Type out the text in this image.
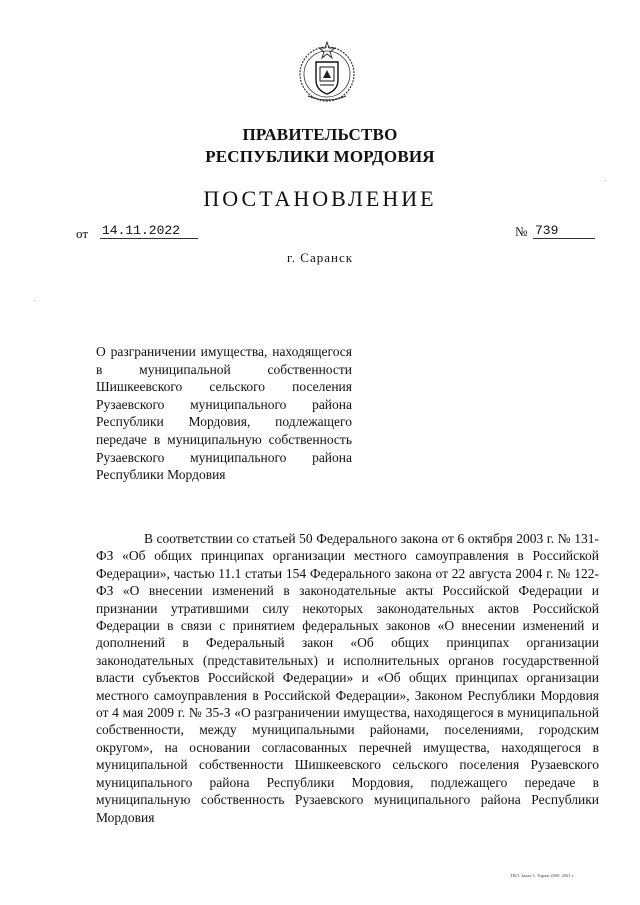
ПРАВИТЕЛЬСТВО
РЕСПУБЛИКИ МОРДОВИЯ
ПОСТАНОВЛЕНИЕ
от 14.11.2022	№ 739
г. Саранск
О разграничении имущества, находящегося в муниципальной собственности Шишкеевского сельского поселения Рузаевского муниципального района Республики Мордовия, подлежащего передаче в муниципальную собственность Рузаевского муниципального района Республики Мордовия
В соответствии со статьей 50 Федерального закона от 6 октября 2003 г. № 131-ФЗ «Об общих принципах организации местного самоуправления в Российской Федерации», частью 11.1 статьи 154 Федерального закона от 22 августа 2004 г. № 122-ФЗ «О внесении изменений в законодательные акты Российской Федерации и признании утратившими силу некоторых законодательных актов Российской Федерации в связи с принятием федеральных законов «О внесении изменений и дополнений в Федеральный закон «Об общих принципах организации законодательных (представительных) и исполнительных органов государственной власти субъектов Российской Федерации» и «Об общих принципах организации местного самоуправления в Российской Федерации», Законом Республики Мордовия от 4 мая 2009 г. № 35-З «О разграничении имущества, находящегося в муниципальной собственности, между муниципальными районами, поселениями, городским округом», на основании согласованных перечней имущества, находящегося в муниципальной собственности Шишкеевского сельского поселения Рузаевского муниципального района Республики Мордовия, подлежащего передаче в муниципальную собственность Рузаевского муниципального района Республики Мордовия
ТКО. Заказ 3. Тираж 2000. 2021 г.
